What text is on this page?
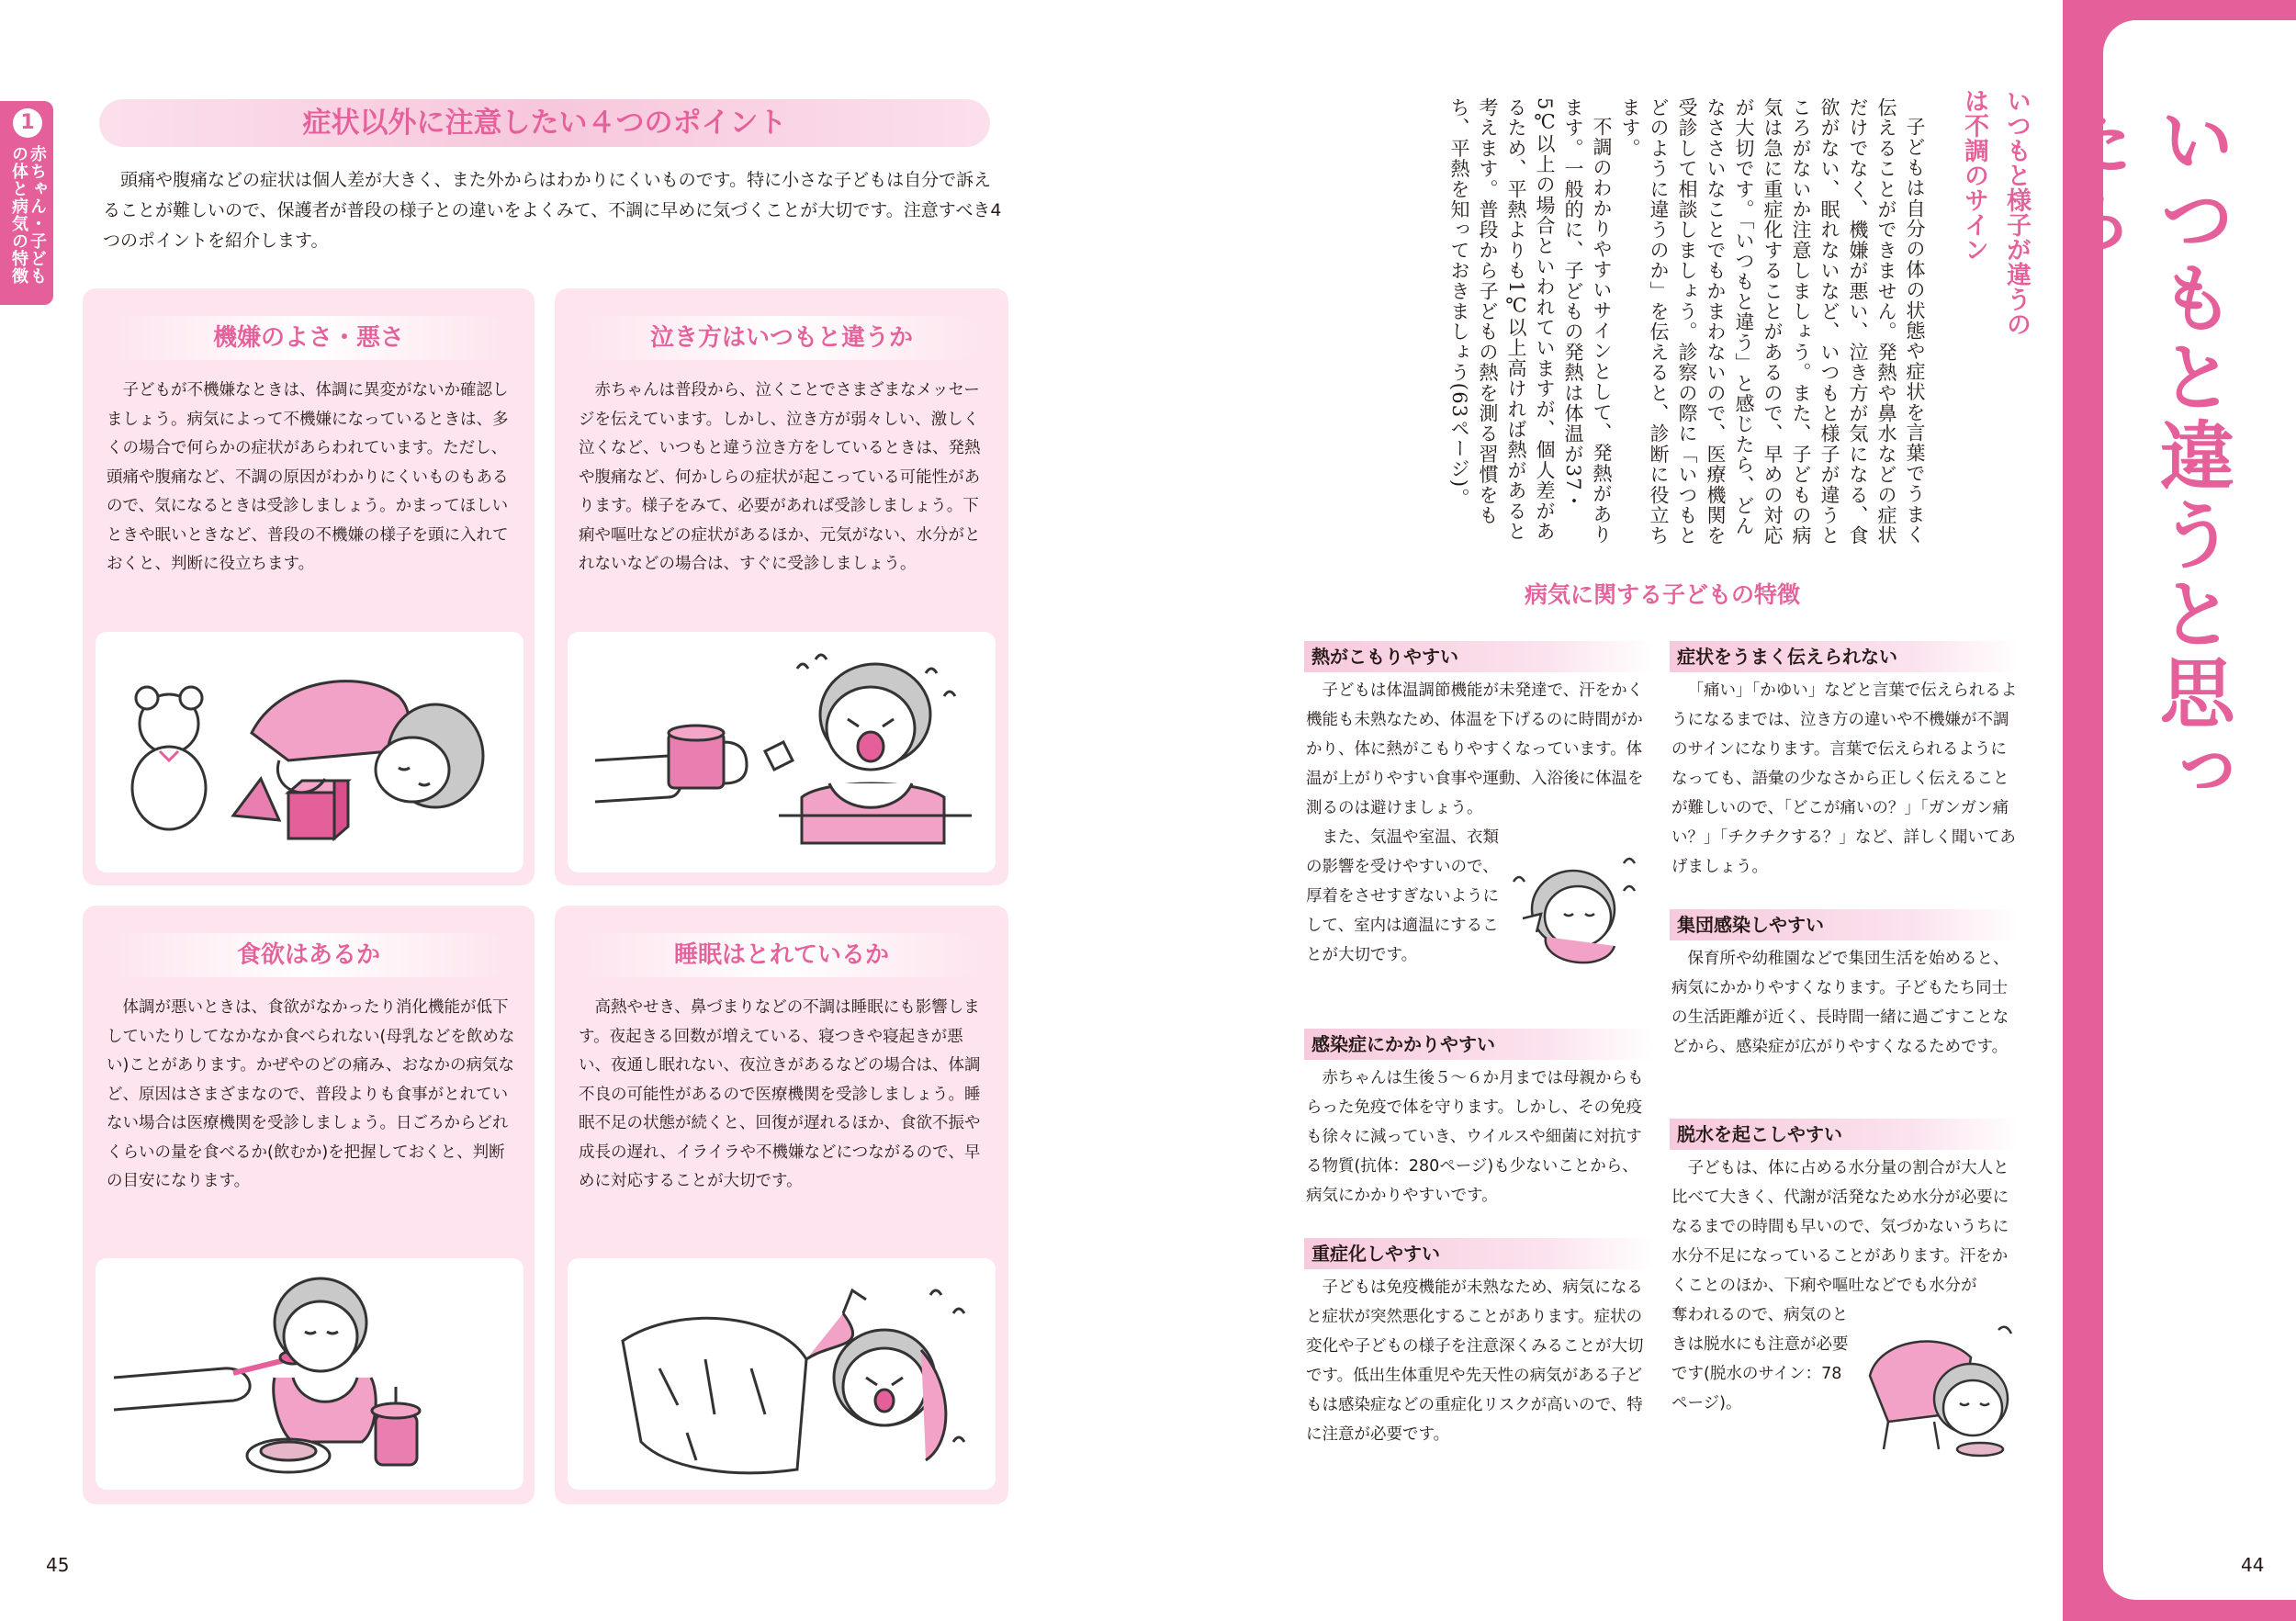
1
赤ちゃん・子どもの体と病気の特徴
症状以外に注意したい４つのポイント

頭痛や腹痛などの症状は個人差が大きく、また外からはわかりにくいものです。特に小さな子どもは自分で訴えることが難しいので、保護者が普段の様子との違いをよくみて、不調に早めに気づくことが大切です。注意すべき4つのポイントを紹介します。

機嫌のよさ・悪さ

子どもが不機嫌なときは、体調に異変がないか確認しましょう。病気によって不機嫌になっているときは、多くの場合で何らかの症状があらわれています。ただし、頭痛や腹痛など、不調の原因がわかりにくいものもあるので、気になるときは受診しましょう。かまってほしいときや眠いときなど、普段の不機嫌の様子を頭に入れておくと、判断に役立ちます。

泣き方はいつもと違うか

赤ちゃんは普段から、泣くことでさまざまなメッセージを伝えています。しかし、泣き方が弱々しい、激しく泣くなど、いつもと違う泣き方をしているときは、発熱や腹痛など、何かしらの症状が起こっている可能性があります。様子をみて、必要があれば受診しましょう。下痢や嘔吐などの症状があるほか、元気がない、水分がとれないなどの場合は、すぐに受診しましょう。

食欲はあるか

体調が悪いときは、食欲がなかったり消化機能が低下していたりしてなかなか食べられない(母乳などを飲めない)ことがあります。かぜやのどの痛み、おなかの病気など、原因はさまざまなので、普段よりも食事がとれていない場合は医療機関を受診しましょう。日ごろからどれくらいの量を食べるか(飲むか)を把握しておくと、判断の目安になります。

睡眠はとれているか

高熱やせき、鼻づまりなどの不調は睡眠にも影響します。夜起きる回数が増えている、寝つきや寝起きが悪い、夜通し眠れない、夜泣きがあるなどの場合は、体調不良の可能性があるので医療機関を受診しましょう。睡眠不足の状態が続くと、回復が遅れるほか、食欲不振や成長の遅れ、イライラや不機嫌などにつながるので、早めに対応することが大切です。

45
いつもと違うと思ったら
いつもと様子が違うのは不調のサイン

子どもは自分の体の状態や症状を言葉でうまく伝えることができません。発熱や鼻水などの症状だけでなく、機嫌が悪い、泣き方が気になる、食欲がない、眠れないなど、いつもと様子が違うところがないか注意しましょう。また、子どもの病気は急に重症化することがあるので、早めの対応が大切です。「いつもと違う」と感じたら、どんなささいなことでもかまわないので、医療機関を受診して相談しましょう。診察の際に「いつもとどのように違うのか」を伝えると、診断に役立ちます。

不調のわかりやすいサインとして、発熱があります。一般的に、子どもの発熱は体温が37・5℃以上の場合といわれていますが、個人差があるため、平熱よりも1℃以上高ければ熱があると考えます。普段から子どもの熱を測る習慣をもち、平熱を知っておきましょう(63ページ)。

病気に関する子どもの特徴
熱がこもりやすい

子どもは体温調節機能が未発達で、汗をかく機能も未熟なため、体温を下げるのに時間がかかり、体に熱がこもりやすくなっています。体温が上がりやすい食事や運動、入浴後に体温を測るのは避けましょう。

また、気温や室温、衣類の影響を受けやすいので、厚着をさせすぎないようにして、室内は適温にすることが大切です。

感染症にかかりやすい

赤ちゃんは生後５～６か月までは母親からもらった免疫で体を守ります。しかし、その免疫も徐々に減っていき、ウイルスや細菌に対抗する物質(抗体：280ページ)も少ないことから、病気にかかりやすいです。

重症化しやすい

子どもは免疫機能が未熟なため、病気になると症状が突然悪化することがあります。症状の変化や子どもの様子を注意深くみることが大切です。低出生体重児や先天性の病気がある子どもは感染症などの重症化リスクが高いので、特に注意が必要です。

症状をうまく伝えられない

「痛い」「かゆい」などと言葉で伝えられるようになるまでは、泣き方の違いや不機嫌が不調のサインになります。言葉で伝えられるようになっても、語彙の少なさから正しく伝えることが難しいので、「どこが痛いの？」「ガンガン痛い？」「チクチクする？」など、詳しく聞いてあげましょう。

集団感染しやすい

保育所や幼稚園などで集団生活を始めると、病気にかかりやすくなります。子どもたち同士の生活距離が近く、長時間一緒に過ごすことなどから、感染症が広がりやすくなるためです。

脱水を起こしやすい

子どもは、体に占める水分量の割合が大人と比べて大きく、代謝が活発なため水分が必要になるまでの時間も早いので、気づかないうちに水分不足になっていることがあります。汗をかくことのほか、下痢や嘔吐などでも水分が

奪われるので、病気のときは脱水にも注意が必要です(脱水のサイン：78ページ)。

44
